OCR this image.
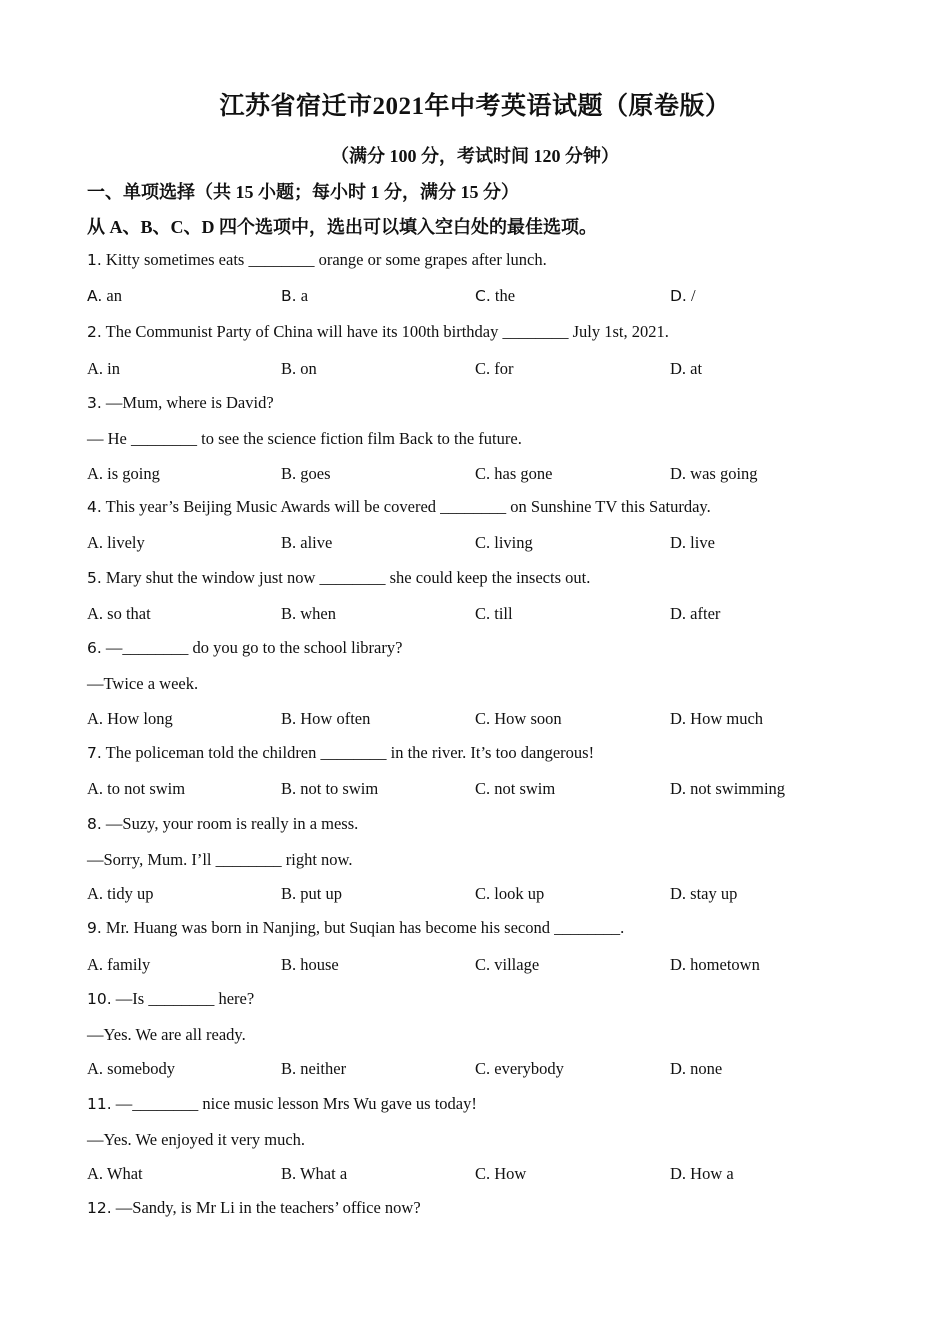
江苏省宿迁市2021年中考英语试题（原卷版）
（满分 100 分，考试时间 120 分钟）
一、单项选择（共 15 小题；每小时 1 分，满分 15 分）
从 A、B、C、D 四个选项中，选出可以填入空白处的最佳选项。
1. Kitty sometimes eats ________ orange or some grapes after lunch.
A. an	B. a	C. the	D. /
2. The Communist Party of China will have its 100th birthday ________ July 1st, 2021.
A. in	B. on	C. for	D. at
3. —Mum, where is David?
— He ________ to see the science fiction film Back to the future.
A. is going	B. goes	C. has gone	D. was going
4. This year’s Beijing Music Awards will be covered ________ on Sunshine TV this Saturday.
A. lively	B. alive	C. living	D. live
5. Mary shut the window just now ________ she could keep the insects out.
A. so that	B. when	C. till	D. after
6. —________ do you go to the school library?
—Twice a week.
A. How long	B. How often	C. How soon	D. How much
7. The policeman told the children ________ in the river. It’s too dangerous!
A. to not swim	B. not to swim	C. not swim	D. not swimming
8. —Suzy, your room is really in a mess.
—Sorry, Mum. I’ll ________ right now.
A. tidy up	B. put up	C. look up	D. stay up
9. Mr. Huang was born in Nanjing, but Suqian has become his second ________.
A. family	B. house	C. village	D. hometown
10. —Is ________ here?
—Yes. We are all ready.
A. somebody	B. neither	C. everybody	D. none
11. —________ nice music lesson Mrs Wu gave us today!
—Yes. We enjoyed it very much.
A. What	B. What a	C. How	D. How a
12. —Sandy, is Mr Li in the teachers’ office now?
